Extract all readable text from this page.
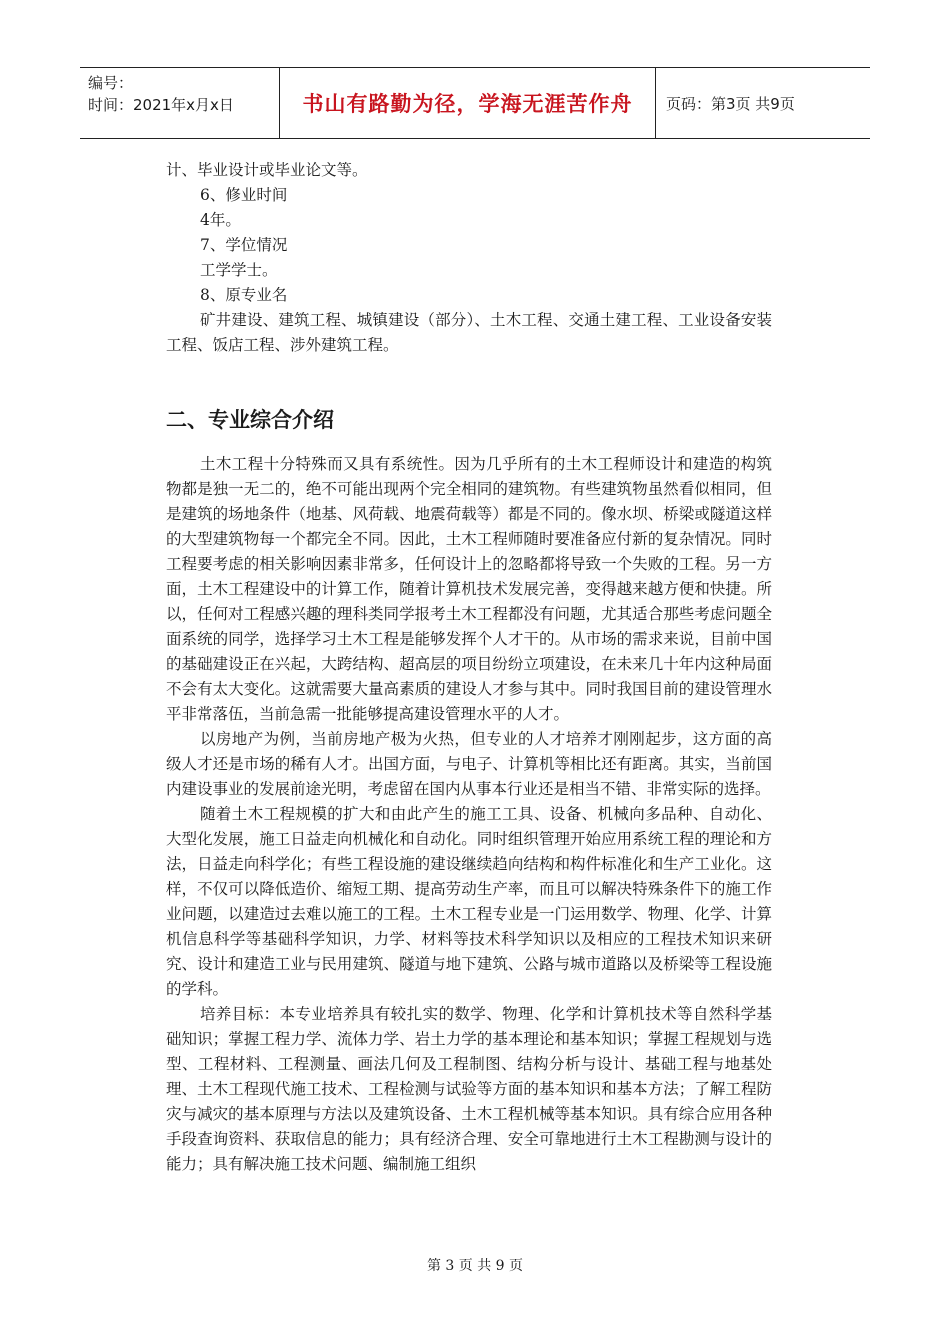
编号：
时间：2021年x月x日	书山有路勤为径，学海无涯苦作舟 页码：第3页 共9页

计、毕业设计或毕业论文等。

6、修业时间

4年。

7、学位情况

工学学士。

8、原专业名

矿井建设、建筑工程、城镇建设（部分）、土木工程、交通土建工程、工业设备安装工程、饭店工程、涉外建筑工程。

二、专业综合介绍

土木工程十分特殊而又具有系统性。因为几乎所有的土木工程师设计和建造的构筑物都是独一无二的，绝不可能出现两个完全相同的建筑物。有些建筑物虽然看似相同，但是建筑的场地条件（地基、风荷载、地震荷载等）都是不同的。像水坝、桥梁或隧道这样的大型建筑物每一个都完全不同。因此，土木工程师随时要准备应付新的复杂情况。同时工程要考虑的相关影响因素非常多，任何设计上的忽略都将导致一个失败的工程。另一方面，土木工程建设中的计算工作，随着计算机技术发展完善，变得越来越方便和快捷。所以，任何对工程感兴趣的理科类同学报考土木工程都没有问题，尤其适合那些考虑问题全面系统的同学，选择学习土木工程是能够发挥个人才干的。从市场的需求来说，目前中国的基础建设正在兴起，大跨结构、超高层的项目纷纷立项建设，在未来几十年内这种局面不会有太大变化。这就需要大量高素质的建设人才参与其中。同时我国目前的建设管理水平非常落伍，当前急需一批能够提高建设管理水平的人才。

以房地产为例，当前房地产极为火热，但专业的人才培养才刚刚起步，这方面的高级人才还是市场的稀有人才。出国方面，与电子、计算机等相比还有距离。其实，当前国内建设事业的发展前途光明，考虑留在国内从事本行业还是相当不错、非常实际的选择。

随着土木工程规模的扩大和由此产生的施工工具、设备、机械向多品种、自动化、大型化发展，施工日益走向机械化和自动化。同时组织管理开始应用系统工程的理论和方法，日益走向科学化；有些工程设施的建设继续趋向结构和构件标准化和生产工业化。这样，不仅可以降低造价、缩短工期、提高劳动生产率，而且可以解决特殊条件下的施工作业问题，以建造过去难以施工的工程。土木工程专业是一门运用数学、物理、化学、计算机信息科学等基础科学知识，力学、材料等技术科学知识以及相应的工程技术知识来研究、设计和建造工业与民用建筑、隧道与地下建筑、公路与城市道路以及桥梁等工程设施的学科。

培养目标：本专业培养具有较扎实的数学、物理、化学和计算机技术等自然科学基础知识；掌握工程力学、流体力学、岩土力学的基本理论和基本知识；掌握工程规划与选型、工程材料、工程测量、画法几何及工程制图、结构分析与设计、基础工程与地基处理、土木工程现代施工技术、工程检测与试验等方面的基本知识和基本方法；了解工程防灾与减灾的基本原理与方法以及建筑设备、土木工程机械等基本知识。具有综合应用各种手段查询资料、获取信息的能力；具有经济合理、安全可靠地进行土木工程勘测与设计的能力；具有解决施工技术问题、编制施工组织

第 3 页 共 9 页
